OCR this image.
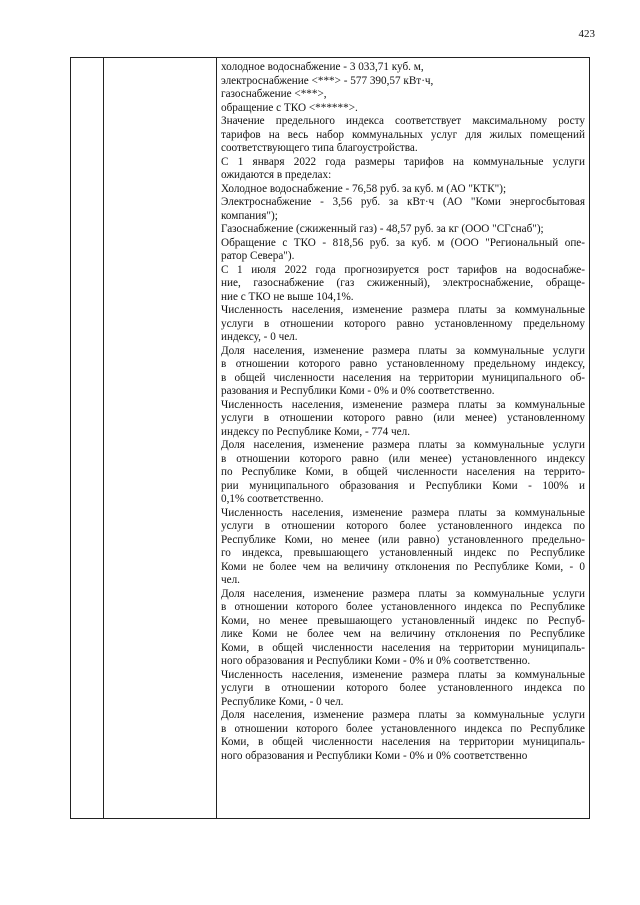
423

холодное водоснабжение - 3 033,71 куб. м,

электроснабжение <***> - 577 390,57 кВт·ч,

газоснабжение <***>,

обращение с ТКО <******>.

Значение предельного индекса соответствует максимальному росту

тарифов на весь набор коммунальных услуг для жилых помещений

соответствующего типа благоустройства.

С 1 января 2022 года размеры тарифов на коммунальные услуги

ожидаются в пределах:

Холодное водоснабжение - 76,58 руб. за куб. м (АО "КТК");

Электроснабжение - 3,56 руб. за кВт·ч (АО "Коми энергосбытовая

компания");

Газоснабжение (сжиженный газ) - 48,57 руб. за кг (ООО "СГснаб");

Обращение с ТКО - 818,56 руб. за куб. м (ООО "Региональный опе-

ратор Севера").

С 1 июля 2022 года прогнозируется рост тарифов на водоснабже-

ние, газоснабжение (газ сжиженный), электроснабжение, обраще-

ние с ТКО не выше 104,1%.

Численность населения, изменение размера платы за коммунальные

услуги в отношении которого равно установленному предельному

индексу, - 0 чел.

Доля населения, изменение размера платы за коммунальные услуги

в отношении которого равно установленному предельному индексу,

в общей численности населения на территории муниципального об-

разования и Республики Коми - 0% и 0% соответственно.

Численность населения, изменение размера платы за коммунальные

услуги в отношении которого равно (или менее) установленному

индексу по Республике Коми, - 774 чел.

Доля населения, изменение размера платы за коммунальные услуги

в отношении которого равно (или менее) установленного индексу

по Республике Коми, в общей численности населения на террито-

рии муниципального образования и Республики Коми - 100% и

0,1% соответственно.

Численность населения, изменение размера платы за коммунальные

услуги в отношении которого более установленного индекса по

Республике Коми, но менее (или равно) установленного предельно-

го индекса, превышающего установленный индекс по Республике

Коми не более чем на величину отклонения по Республике Коми, - 0

чел.

Доля населения, изменение размера платы за коммунальные услуги

в отношении которого более установленного индекса по Республике

Коми, но менее превышающего установленный индекс по Респуб-

лике Коми не более чем на величину отклонения по Республике

Коми, в общей численности населения на территории муниципаль-

ного образования и Республики Коми - 0% и 0% соответственно.

Численность населения, изменение размера платы за коммунальные

услуги в отношении которого более установленного индекса по

Республике Коми, - 0 чел.

Доля населения, изменение размера платы за коммунальные услуги

в отношении которого более установленного индекса по Республике

Коми, в общей численности населения на территории муниципаль-

ного образования и Республики Коми - 0% и 0% соответственно
